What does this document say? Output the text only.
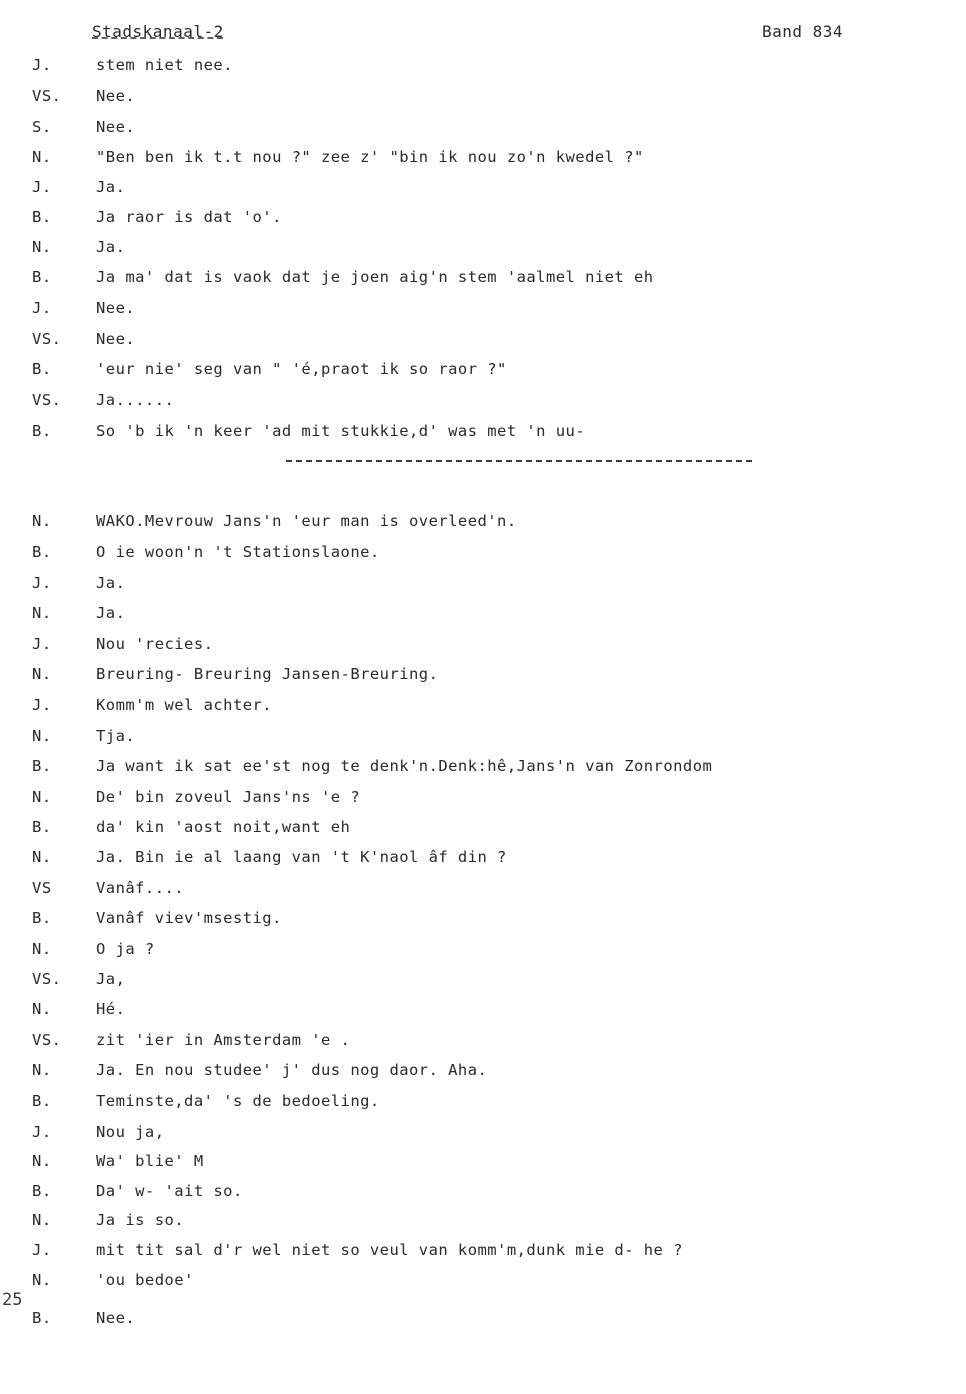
Stadskanaal-2	Band 834
J.	stem niet nee.
VS. Nee.
S.	Nee.
N.	"Ben ben ik t.t nou ?" zee z' "bin ik nou zo'n kwedel ?"
J.	Ja.
B.	Ja raor is dat 'o'.
N.	Ja.
B.	Ja ma' dat is vaok dat je joen aig'n stem 'aalmel niet eh
J.	Nee.
VS. Nee.
B.	'eur nie' seg van " 'é,praot ik so raor ?"
VS. Ja......
B.	So 'b ik 'n keer 'ad mit stukkie,d' was met 'n uu-
N.	WAKO.Mevrouw Jans'n 'eur man is overleed'n.
B.	O ie woon'n 't Stationslaone.
J.	Ja.
N.	Ja.
J.	Nou 'recies.
N.	Breuring- Breuring Jansen-Breuring.
J.	Komm'm wel achter.
N.	Tja.
B.	Ja want ik sat ee'st nog te denk'n.Denk:hê,Jans'n van Zonrondom
N.	De' bin zoveul Jans'ns 'e ?
B.	da' kin 'aost noit,want eh
N.	Ja. Bin ie al laang van 't K'naol âf din ?
VS	Vanâf....
B.	Vanâf viev'msestig.
N.	O ja ?
VS. Ja,
N.	Hé.
VS. zit 'ier in Amsterdam 'e .
N.	Ja. En nou studee' j' dus nog daor. Aha.
B.	Teminste,da' 's de bedoeling.
J.	Nou ja,
N.	Wa' blie' M
B.	Da' w- 'ait so.
N.	Ja is so.
J.	mit tit sal d'r wel niet so veul van komm'm,dunk mie d- he ?
N.	'ou bedoe'
B.	Nee.
25
